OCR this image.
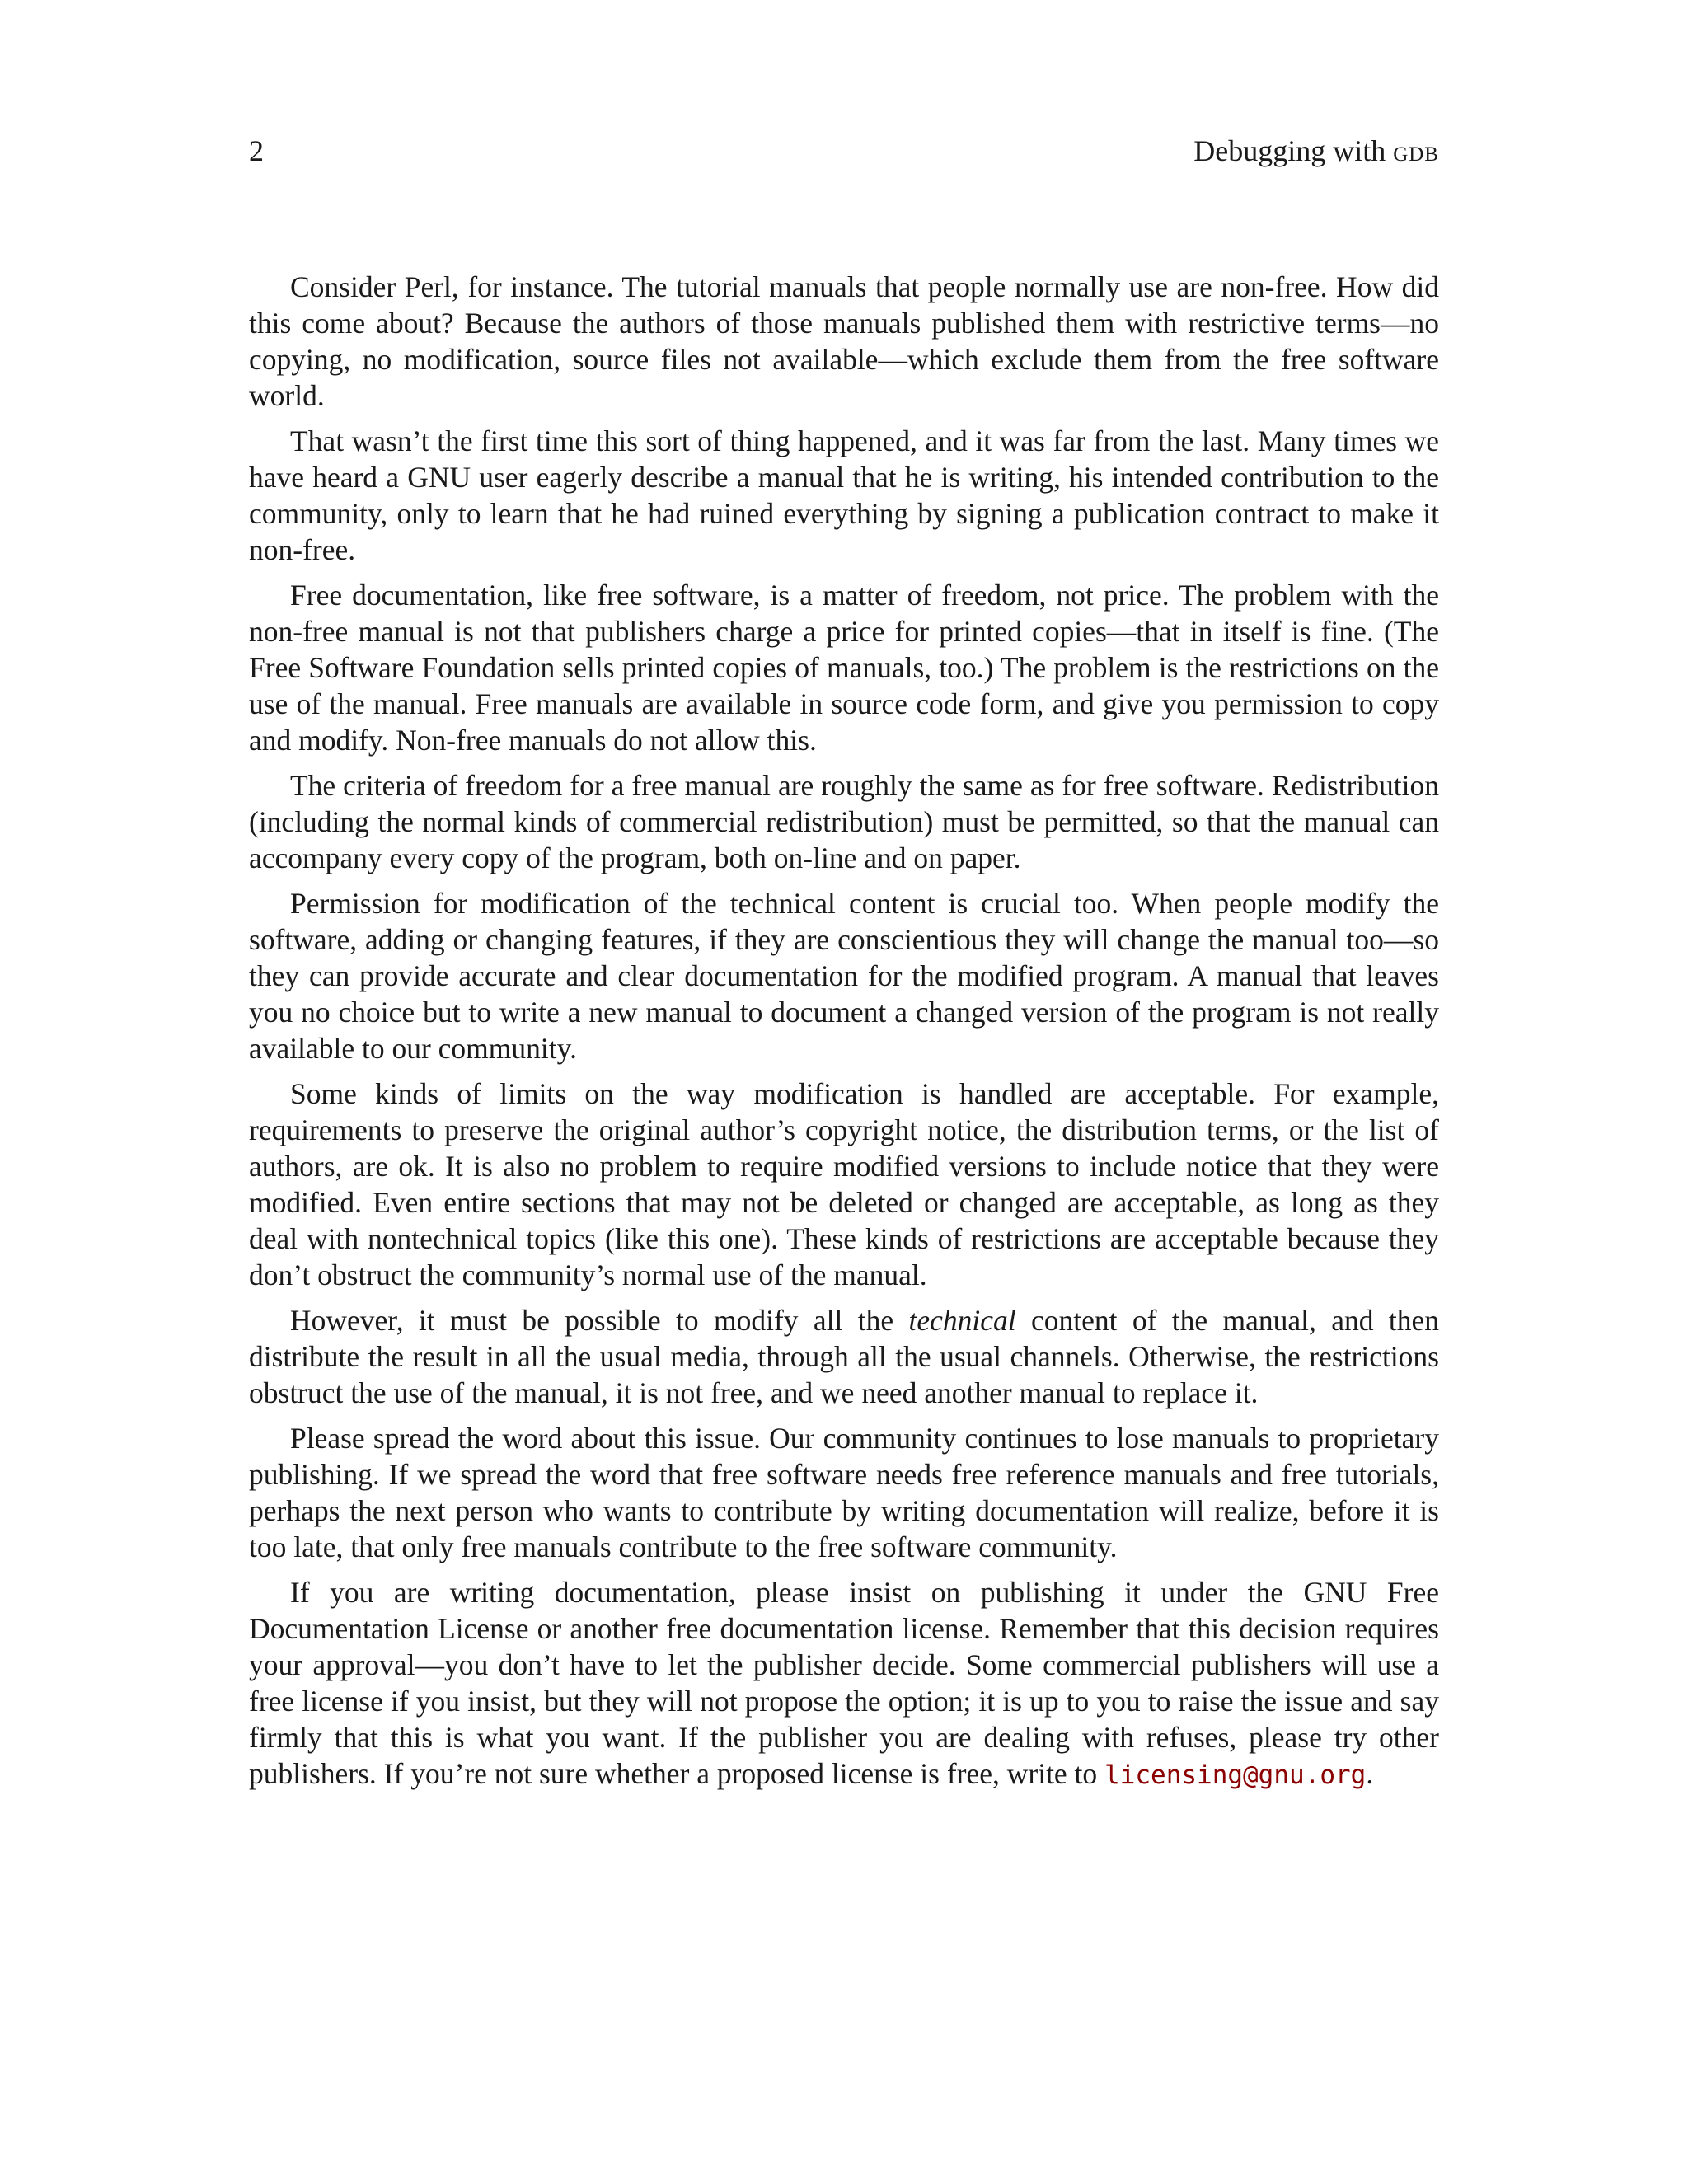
2	Debugging with gdb

Consider Perl, for instance. The tutorial manuals that people normally use are non-free. How did this come about? Because the authors of those manuals published them with restrictive terms—no copying, no modification, source files not available—which exclude them from the free software world.

That wasn’t the first time this sort of thing happened, and it was far from the last. Many times we have heard a GNU user eagerly describe a manual that he is writing, his intended contribution to the community, only to learn that he had ruined everything by signing a publication contract to make it non-free.

Free documentation, like free software, is a matter of freedom, not price. The problem with the non-free manual is not that publishers charge a price for printed copies—that in itself is fine. (The Free Software Foundation sells printed copies of manuals, too.) The problem is the restrictions on the use of the manual. Free manuals are available in source code form, and give you permission to copy and modify. Non-free manuals do not allow this.

The criteria of freedom for a free manual are roughly the same as for free software. Redistribution (including the normal kinds of commercial redistribution) must be permitted, so that the manual can accompany every copy of the program, both on-line and on paper.

Permission for modification of the technical content is crucial too. When people modify the software, adding or changing features, if they are conscientious they will change the manual too—so they can provide accurate and clear documentation for the modified program. A manual that leaves you no choice but to write a new manual to document a changed version of the program is not really available to our community.

Some kinds of limits on the way modification is handled are acceptable. For example, requirements to preserve the original author’s copyright notice, the distribution terms, or the list of authors, are ok. It is also no problem to require modified versions to include notice that they were modified. Even entire sections that may not be deleted or changed are acceptable, as long as they deal with nontechnical topics (like this one). These kinds of restrictions are acceptable because they don’t obstruct the community’s normal use of the manual.

However, it must be possible to modify all the technical content of the manual, and then distribute the result in all the usual media, through all the usual channels. Otherwise, the restrictions obstruct the use of the manual, it is not free, and we need another manual to replace it.

Please spread the word about this issue. Our community continues to lose manuals to proprietary publishing. If we spread the word that free software needs free reference manuals and free tutorials, perhaps the next person who wants to contribute by writing documentation will realize, before it is too late, that only free manuals contribute to the free software community.

If you are writing documentation, please insist on publishing it under the GNU Free Documentation License or another free documentation license. Remember that this decision requires your approval—you don’t have to let the publisher decide. Some commercial publishers will use a free license if you insist, but they will not propose the option; it is up to you to raise the issue and say firmly that this is what you want. If the publisher you are dealing with refuses, please try other publishers. If you’re not sure whether a proposed license is free, write to licensing@gnu.org.
